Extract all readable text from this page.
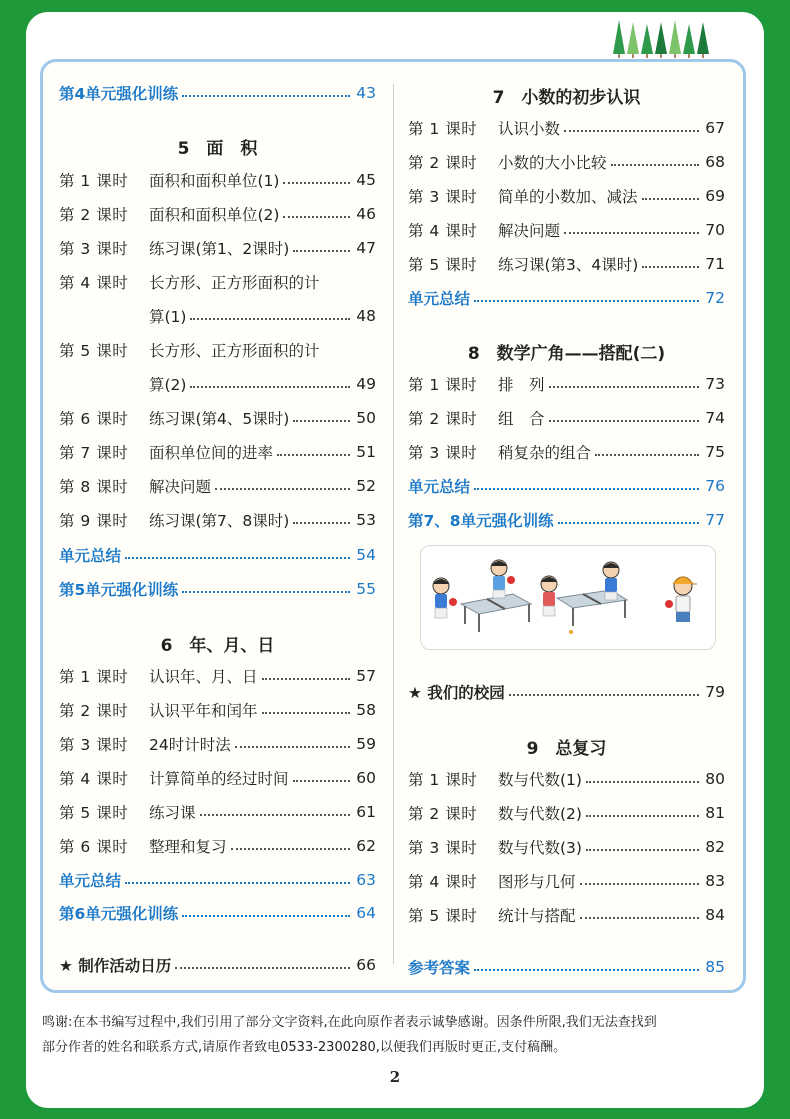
第4单元强化训练	43
5　面　积
第 1 课时	面积和面积单位(1)	45
第 2 课时	面积和面积单位(2)	46
第 3 课时	练习课(第1、2课时)	47
第 4 课时	长方形、正方形面积的计
算(1)	48
第 5 课时	长方形、正方形面积的计
算(2)	49
第 6 课时	练习课(第4、5课时)	50
第 7 课时	面积单位间的进率	51
第 8 课时	解决问题	52
第 9 课时	练习课(第7、8课时)	53
单元总结	54
第5单元强化训练	55
6　年、月、日
第 1 课时	认识年、月、日	57
第 2 课时	认识平年和闰年	58
第 3 课时	24时计时法	59
第 4 课时	计算简单的经过时间	60
第 5 课时	练习课	61
第 6 课时	整理和复习	62
单元总结	63
第6单元强化训练	64
★ 制作活动日历	66
7　小数的初步认识
第 1 课时	认识小数	67
第 2 课时	小数的大小比较	68
第 3 课时	简单的小数加、减法	69
第 4 课时	解决问题	70
第 5 课时	练习课(第3、4课时)	71
单元总结	72
8　数学广角——搭配(二)
第 1 课时	排　列	73
第 2 课时	组　合	74
第 3 课时	稍复杂的组合	75
单元总结	76
第7、8单元强化训练	77
★ 我们的校园	79
9　总复习
第 1 课时	数与代数(1)	80
第 2 课时	数与代数(2)	81
第 3 课时	数与代数(3)	82
第 4 课时	图形与几何	83
第 5 课时	统计与搭配	84
参考答案	85
鸣谢:在本书编写过程中,我们引用了部分文字资料,在此向原作者表示诚挚感谢。因条件所限,我们无法查找到
部分作者的姓名和联系方式,请原作者致电0533-2300280,以便我们再版时更正,支付稿酬。
2
